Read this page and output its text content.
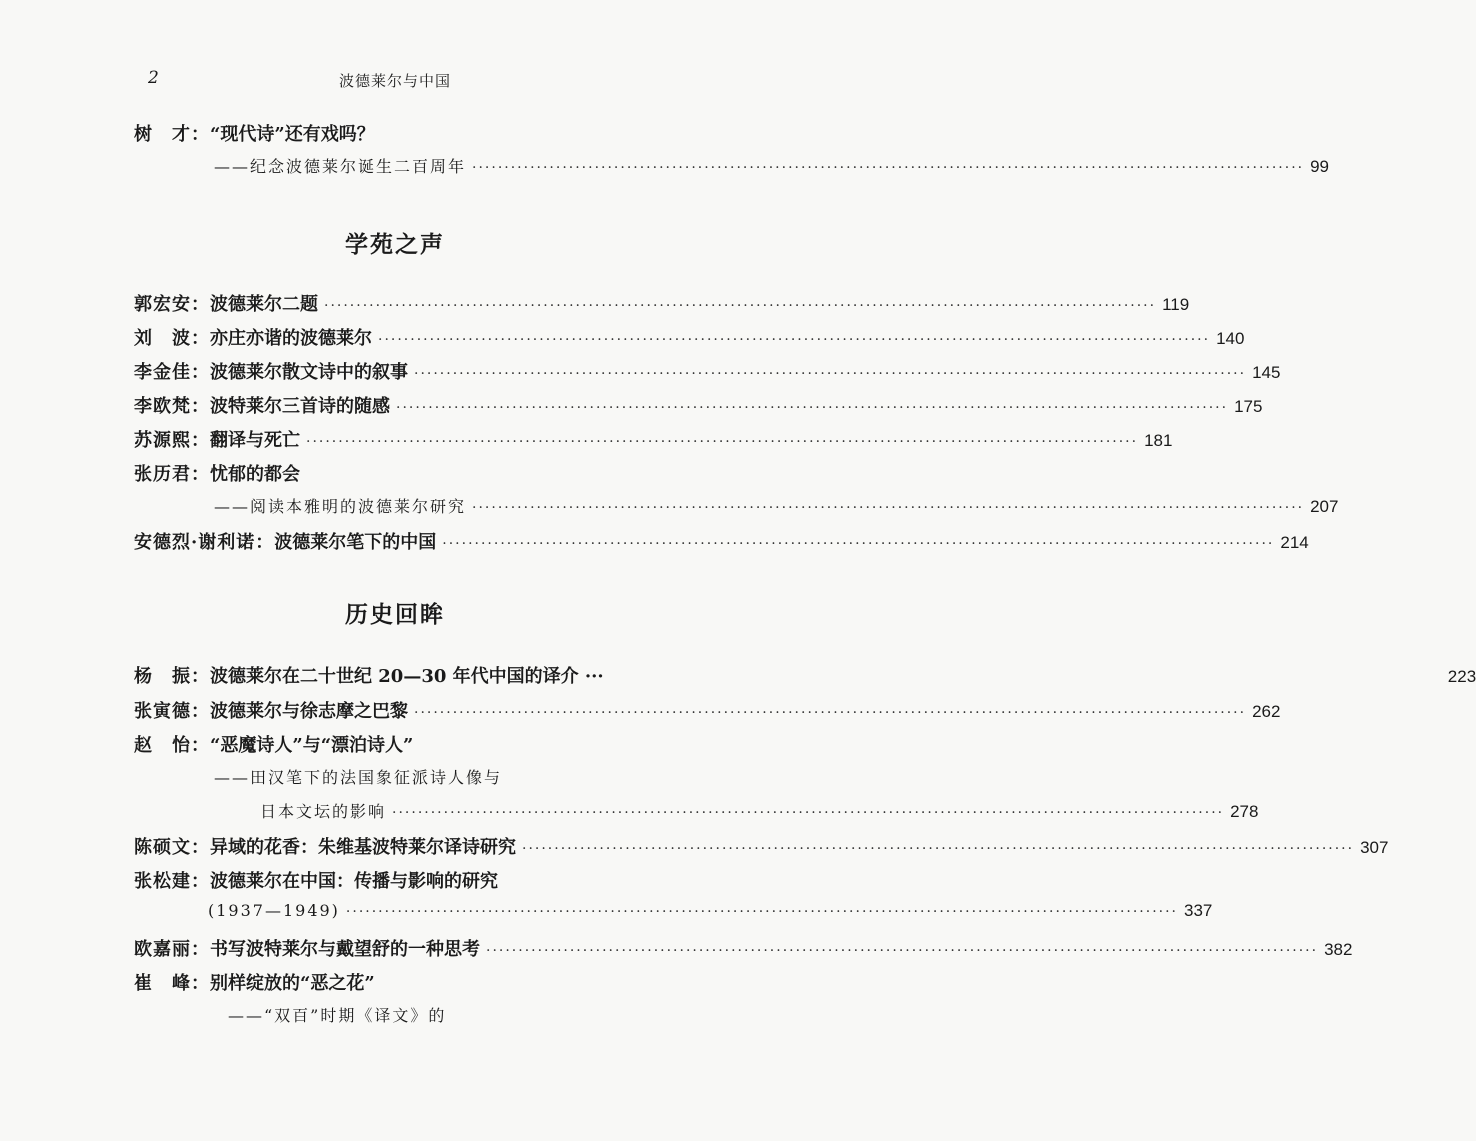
2	波德莱尔与中国
树　才： “现代诗”还有戏吗？
——纪念波德莱尔诞生二百周年 ·····	99
学苑之声
郭宏安： 波德莱尔二题 ·····	119
刘　波： 亦庄亦谐的波德莱尔 ·····	140
李金佳： 波德莱尔散文诗中的叙事 ·····	145
李欧梵： 波特莱尔三首诗的随感 ·····	175
苏源熙： 翻译与死亡 ·····	181
张历君： 忧郁的都会
——阅读本雅明的波德莱尔研究 ·····	207
安德烈·谢利诺： 波德莱尔笔下的中国 ·····	214
历史回眸
杨　振： 波德莱尔在二十世纪 20—30 年代中国的译介 ···	223
张寅德： 波德莱尔与徐志摩之巴黎 ·····	262
赵　怡： “恶魔诗人”与“漂泊诗人”
——田汉笔下的法国象征派诗人像与
日本文坛的影响 ·····	278
陈硕文： 异域的花香：朱维基波特莱尔译诗研究 ·····	307
张松建： 波德莱尔在中国：传播与影响的研究
(1937—1949) ·····	337
欧嘉丽： 书写波特莱尔与戴望舒的一种思考 ·····	382
崔　峰： 别样绽放的“恶之花”
——“双百”时期《译文》的
